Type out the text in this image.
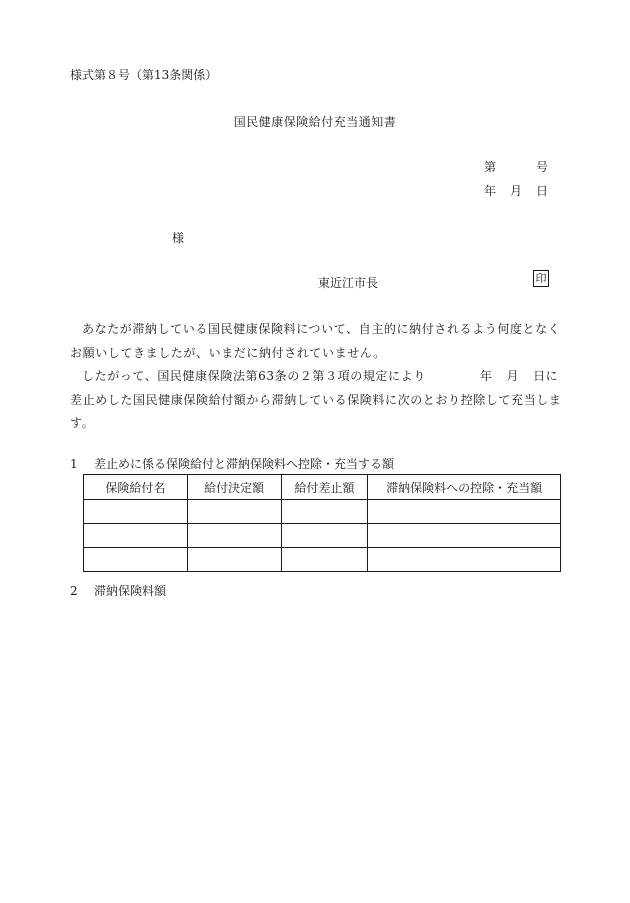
様式第８号（第13条関係）
国民健康保険給付充当通知書
第	号
年 月 日
様
東近江市長	印

あなたが滞納している国民健康保険料について、自主的に納付されるよう何度となくお願いしてきましたが、いまだに納付されていません。

したがって、国民健康保険法第63条の２第３項の規定により	年 月 日に差止めした国民健康保険給付額から滞納している保険料に次のとおり控除して充当します。

1 差止めに係る保険給付と滞納保険料へ控除・充当する額
保険給付名	給付決定額	給付差止額	滞納保険料への控除・充当額

2 滞納保険料額
